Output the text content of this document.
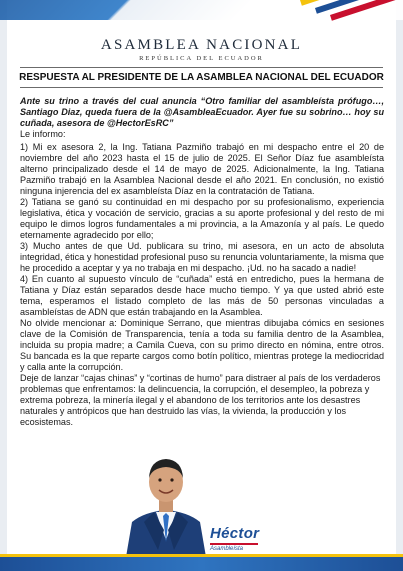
ASAMBLEA NACIONAL
REPÚBLICA DEL ECUADOR
RESPUESTA AL PRESIDENTE DE LA ASAMBLEA NACIONAL DEL ECUADOR

Ante su trino a través del cual anuncia “Otro familiar del asambleísta prófugo…, Santiago Diaz, queda fuera de la @AsambleaEcuador. Ayer fue su sobrino… hoy su cuñada, asesora de @HectorEsRC”

Le informo:

1) Mi ex asesora 2, la Ing. Tatiana Pazmiño trabajó en mi despacho entre el 20 de noviembre del año 2023 hasta el 15 de julio de 2025. El Señor Díaz fue asambleísta alterno principalizado desde el 14 de mayo de 2025. Adicionalmente, la Ing. Tatiana Pazmiño trabajó en la Asamblea Nacional desde el año 2021. En conclusión, no existió ninguna injerencia del ex asambleísta Díaz en la contratación de Tatiana.

2) Tatiana se ganó su continuidad en mi despacho por su profesionalismo, experiencia legislativa, ética y vocación de servicio, gracias a su aporte profesional y del resto de mi equipo le dimos logros fundamentales a mi provincia, a la Amazonía y al país. Le quedo eternamente agradecido por ello;

3) Mucho antes de que Ud. publicara su trino, mi asesora, en un acto de absoluta integridad, ética y honestidad profesional puso su renuncia voluntariamente, la misma que he procedido a aceptar y ya no trabaja en mi despacho. ¡Ud. no ha sacado a nadie!

4) En cuanto al supuesto vínculo de “cuñada” está en entredicho, pues la hermana de Tatiana y Díaz están separados desde hace mucho tiempo. Y ya que usted abrió este tema, esperamos el listado completo de las más de 50 personas vinculadas a asambleístas de ADN que están trabajando en la Asamblea.

No olvide mencionar a: Dominique Serrano, que mientras dibujaba cómics en sesiones clave de la Comisión de Transparencia, tenía a toda su familia dentro de la Asamblea, incluida su propia madre; a Camila Cueva, con su primo directo en nómina, entre otros. Su bancada es la que reparte cargos como botín político, mientras protege la mediocridad y calla ante la corrupción.

Deje de lanzar “cajas chinas” y “cortinas de humo” para distraer al país de los verdaderos problemas que enfrentamos: la delincuencia, la corrupción, el desempleo, la pobreza y extrema pobreza, la minería ilegal y el abandono de los territorios ante los desastres naturales y antrópicos que han destruido las vías, la vivienda, la producción y los ecosistemas.

Héctor
Asambleísta
